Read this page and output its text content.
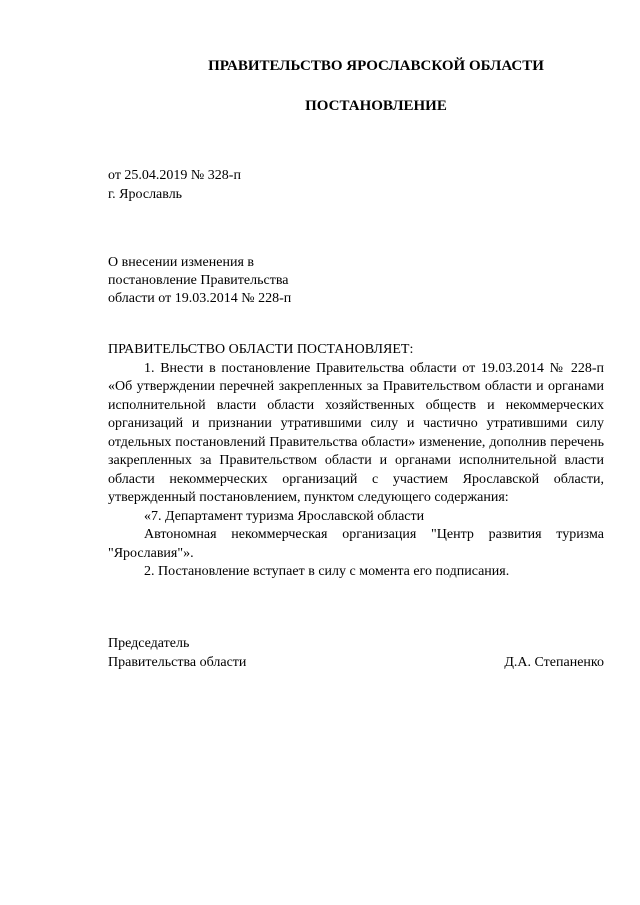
ПРАВИТЕЛЬСТВО ЯРОСЛАВСКОЙ ОБЛАСТИ
ПОСТАНОВЛЕНИЕ
от 25.04.2019 № 328-п
г. Ярославль
О внесении изменения в
постановление Правительства
области от 19.03.2014 № 228-п

ПРАВИТЕЛЬСТВО ОБЛАСТИ ПОСТАНОВЛЯЕТ:

1. Внести в постановление Правительства области от 19.03.2014 № 228-п «Об утверждении перечней закрепленных за Правительством области и органами исполнительной власти области хозяйственных обществ и некоммерческих организаций и признании утратившими силу и частично утратившими силу отдельных постановлений Правительства области» изменение, дополнив перечень закрепленных за Правительством области и органами исполнительной власти области некоммерческих организаций с участием Ярославской области, утвержденный постановлением, пунктом следующего содержания:

«7. Департамент туризма Ярославской области

Автономная некоммерческая организация "Центр развития туризма "Ярославия"».

2. Постановление вступает в силу с момента его подписания.

Председатель
Правительства области	Д.А. Степаненко
